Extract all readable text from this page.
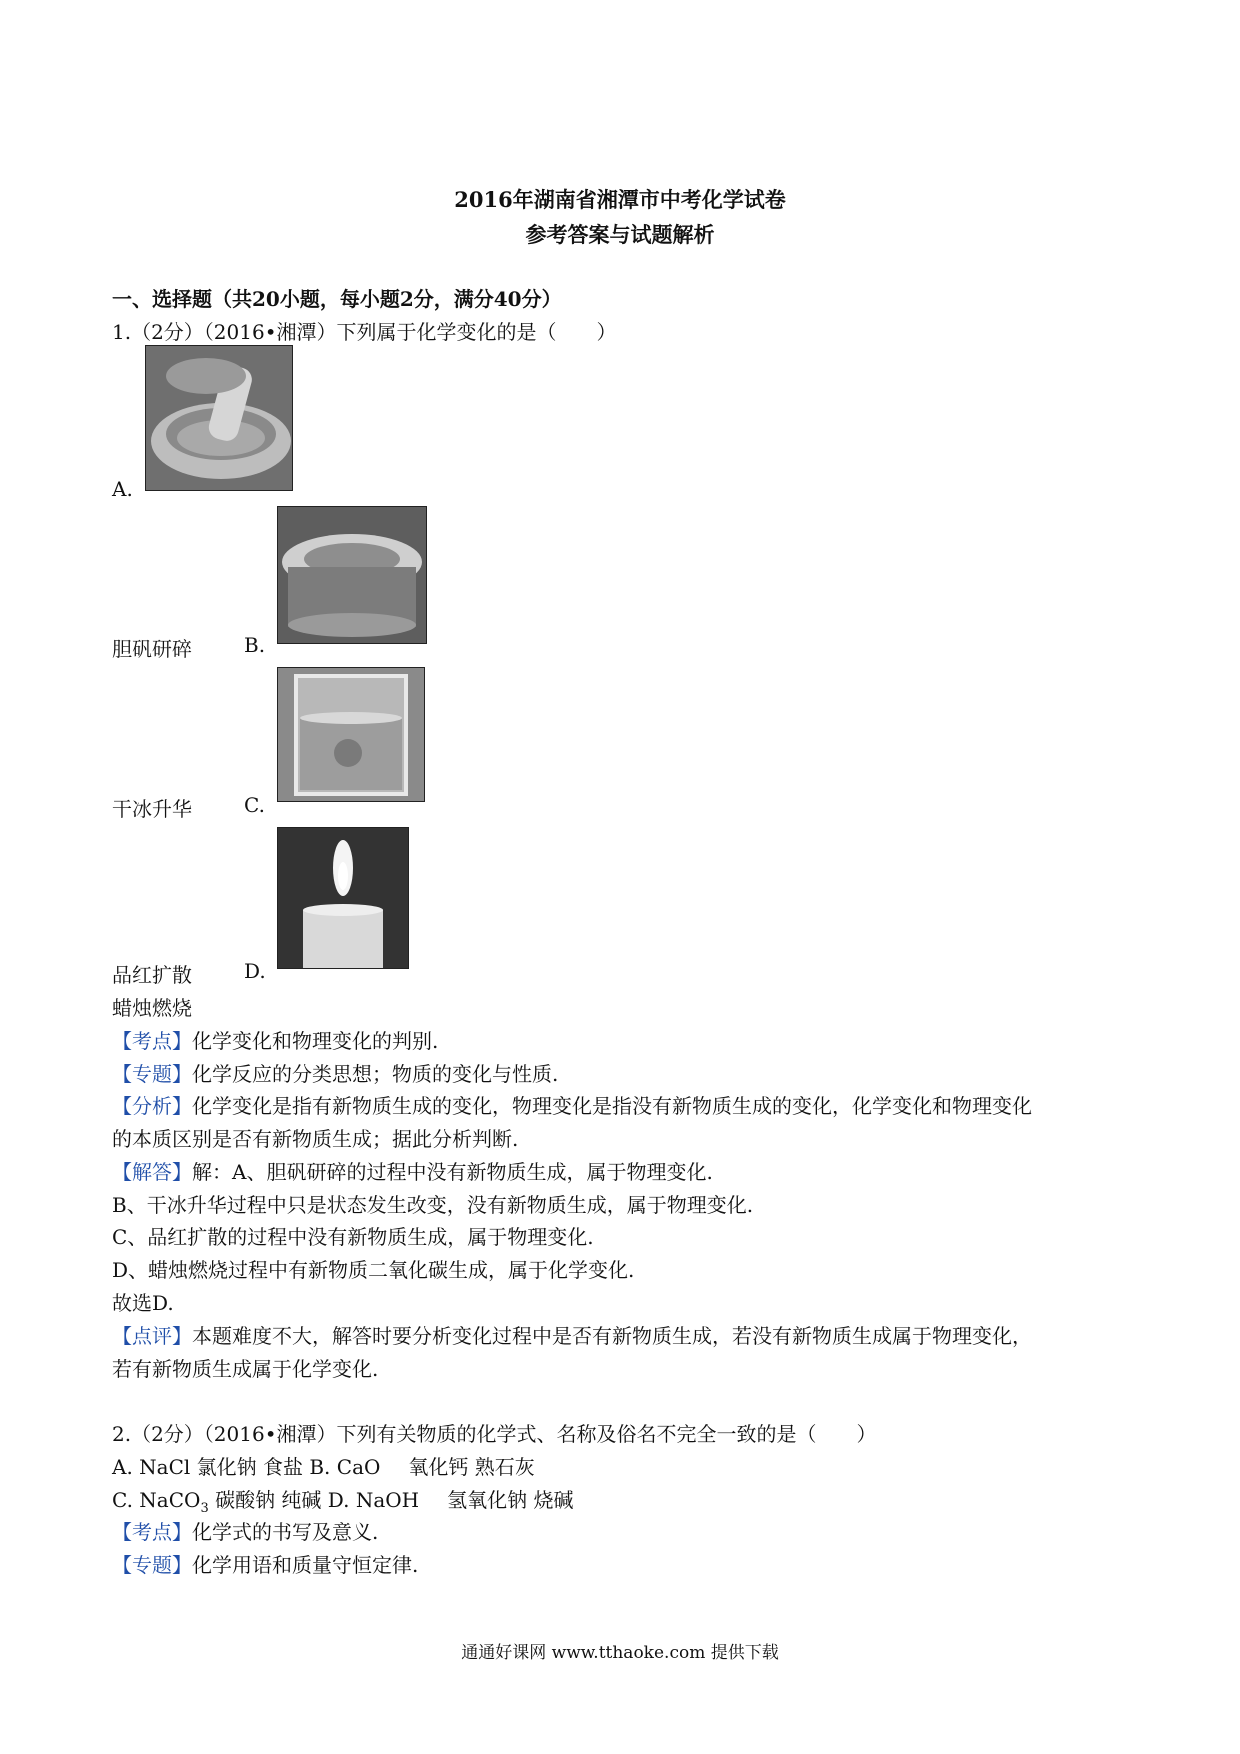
2016年湖南省湘潭市中考化学试卷
参考答案与试题解析
一、选择题（共20小题，每小题2分，满分40分）
1.（2分）（2016•湘潭）下列属于化学变化的是（　　）
A.
胆矾研碎	B.
干冰升华	C.
品红扩散	D.
蜡烛燃烧
【考点】化学变化和物理变化的判别.
【专题】化学反应的分类思想；物质的变化与性质.
【分析】化学变化是指有新物质生成的变化，物理变化是指没有新物质生成的变化，化学变化和物理变化
的本质区别是否有新物质生成；据此分析判断.
【解答】解：A、胆矾研碎的过程中没有新物质生成，属于物理变化.
B、干冰升华过程中只是状态发生改变，没有新物质生成，属于物理变化.
C、品红扩散的过程中没有新物质生成，属于物理变化.
D、蜡烛燃烧过程中有新物质二氧化碳生成，属于化学变化.
故选D.
【点评】本题难度不大，解答时要分析变化过程中是否有新物质生成，若没有新物质生成属于物理变化，
若有新物质生成属于化学变化.
2.（2分）（2016•湘潭）下列有关物质的化学式、名称及俗名不完全一致的是（　　）
A. NaCl 氯化钠 食盐 B. CaO 氧化钙 熟石灰
C. NaCO$_3$ 碳酸钠 纯碱 D. NaOH 氢氧化钠 烧碱
【考点】化学式的书写及意义.
【专题】化学用语和质量守恒定律.
通通好课网 www.tthaoke.com 提供下载
